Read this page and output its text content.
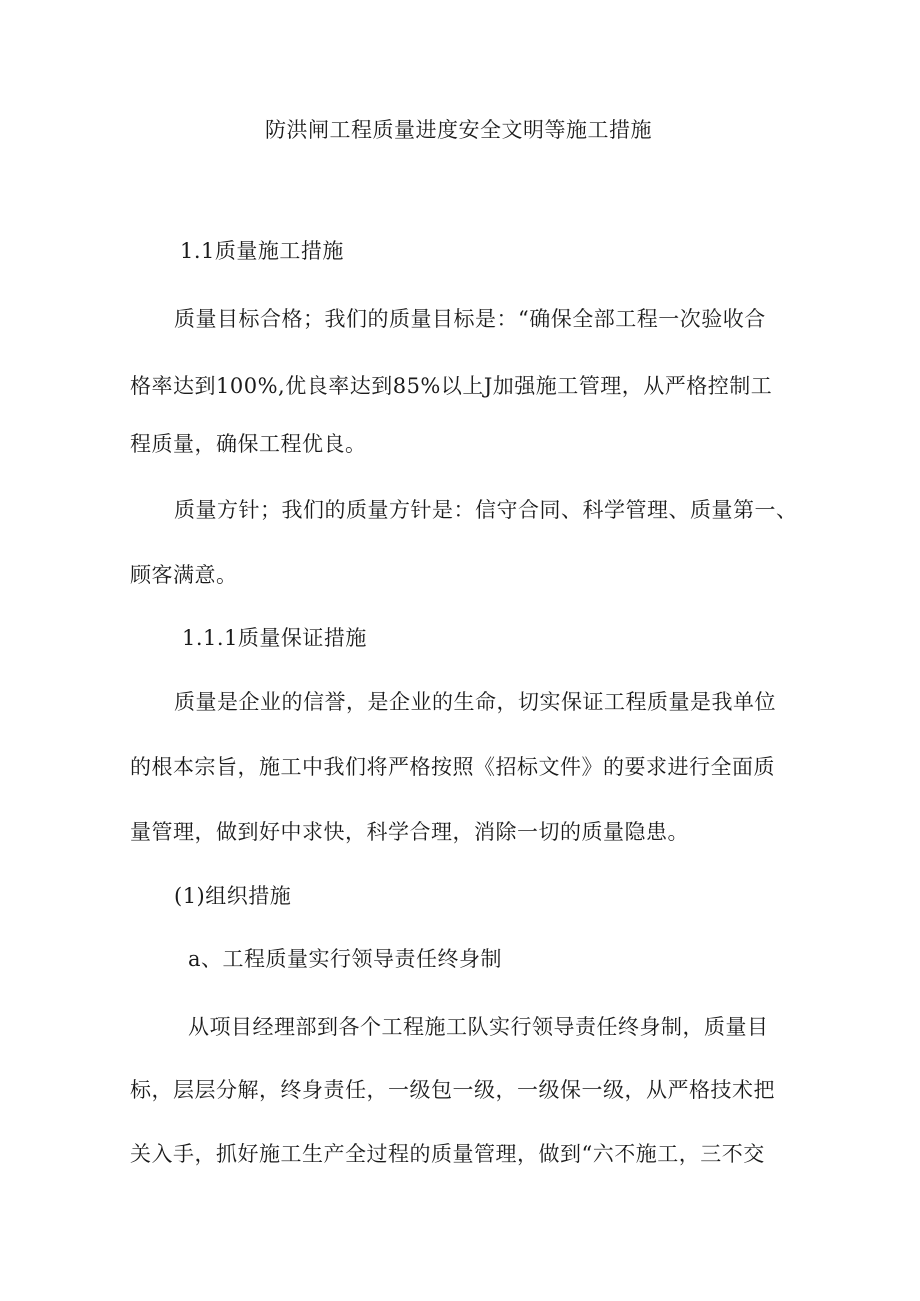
防洪闸工程质量进度安全文明等施工措施
1.1质量施工措施
质量目标合格；我们的质量目标是：“确保全部工程一次验收合
格率达到100%,优良率达到85%以上J加强施工管理，从严格控制工
程质量，确保工程优良。
质量方针；我们的质量方针是：信守合同、科学管理、质量第一、
顾客满意。
1.1.1质量保证措施
质量是企业的信誉，是企业的生命，切实保证工程质量是我单位
的根本宗旨，施工中我们将严格按照《招标文件》的要求进行全面质
量管理，做到好中求快，科学合理，消除一切的质量隐患。
(1)组织措施
a、工程质量实行领导责任终身制
从项目经理部到各个工程施工队实行领导责任终身制，质量目
标，层层分解，终身责任，一级包一级，一级保一级，从严格技术把
关入手，抓好施工生产全过程的质量管理，做到“六不施工，三不交
